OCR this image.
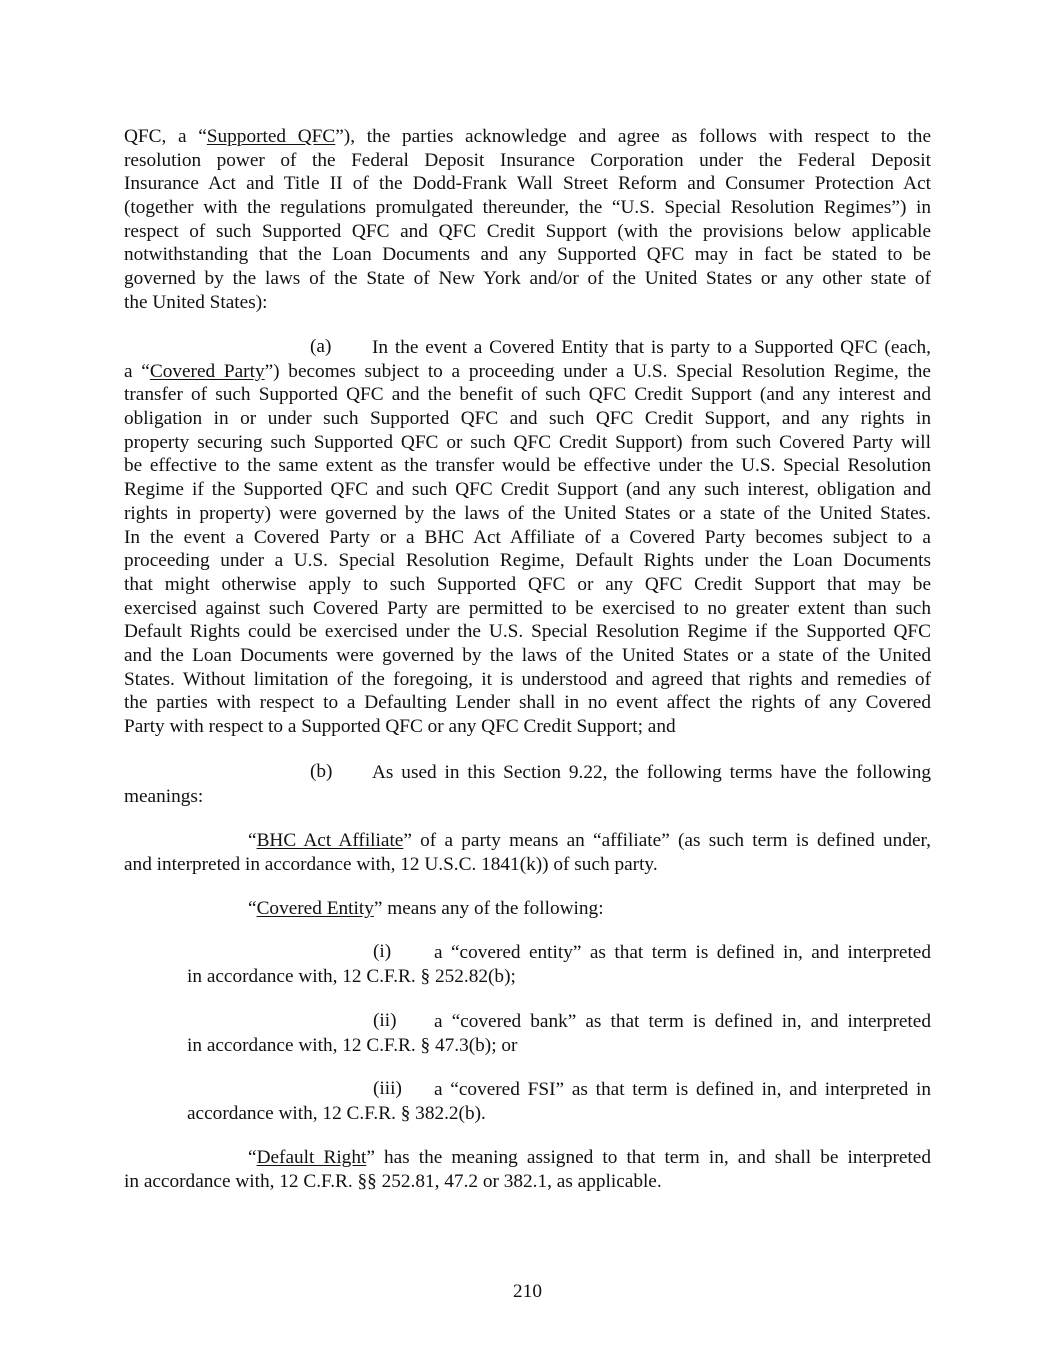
QFC, a “Supported QFC”), the parties acknowledge and agree as follows with respect to the
resolution power of the Federal Deposit Insurance Corporation under the Federal Deposit
Insurance Act and Title II of the Dodd-Frank Wall Street Reform and Consumer Protection Act
(together with the regulations promulgated thereunder, the “U.S. Special Resolution Regimes”) in
respect of such Supported QFC and QFC Credit Support (with the provisions below applicable
notwithstanding that the Loan Documents and any Supported QFC may in fact be stated to be
governed by the laws of the State of New York and/or of the United States or any other state of
the United States):
(a) In the event a Covered Entity that is party to a Supported QFC (each,
a “Covered Party”) becomes subject to a proceeding under a U.S. Special Resolution Regime, the
transfer of such Supported QFC and the benefit of such QFC Credit Support (and any interest and
obligation in or under such Supported QFC and such QFC Credit Support, and any rights in
property securing such Supported QFC or such QFC Credit Support) from such Covered Party will
be effective to the same extent as the transfer would be effective under the U.S. Special Resolution
Regime if the Supported QFC and such QFC Credit Support (and any such interest, obligation and
rights in property) were governed by the laws of the United States or a state of the United States.
In the event a Covered Party or a BHC Act Affiliate of a Covered Party becomes subject to a
proceeding under a U.S. Special Resolution Regime, Default Rights under the Loan Documents
that might otherwise apply to such Supported QFC or any QFC Credit Support that may be
exercised against such Covered Party are permitted to be exercised to no greater extent than such
Default Rights could be exercised under the U.S. Special Resolution Regime if the Supported QFC
and the Loan Documents were governed by the laws of the United States or a state of the United
States. Without limitation of the foregoing, it is understood and agreed that rights and remedies of
the parties with respect to a Defaulting Lender shall in no event affect the rights of any Covered
Party with respect to a Supported QFC or any QFC Credit Support; and
(b) As used in this Section 9.22, the following terms have the following
meanings:
“BHC Act Affiliate” of a party means an “affiliate” (as such term is defined under,
and interpreted in accordance with, 12 U.S.C. 1841(k)) of such party.
“Covered Entity” means any of the following:
(i) a “covered entity” as that term is defined in, and interpreted
in accordance with, 12 C.F.R. § 252.82(b);
(ii) a “covered bank” as that term is defined in, and interpreted
in accordance with, 12 C.F.R. § 47.3(b); or
(iii) a “covered FSI” as that term is defined in, and interpreted in
accordance with, 12 C.F.R. § 382.2(b).
“Default Right” has the meaning assigned to that term in, and shall be interpreted
in accordance with, 12 C.F.R. §§ 252.81, 47.2 or 382.1, as applicable.
210
